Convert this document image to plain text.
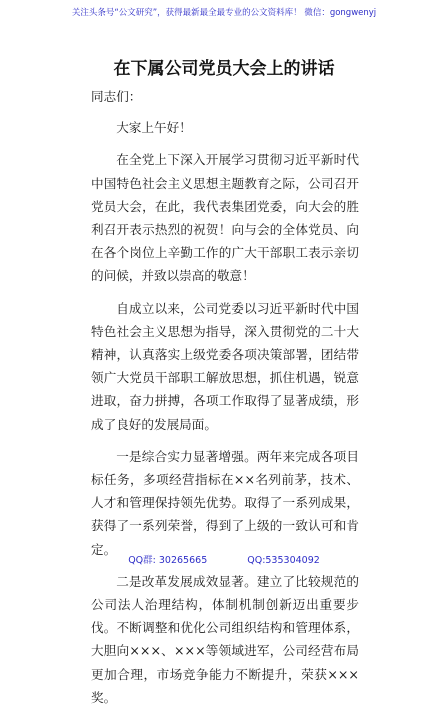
关注头条号“公文研究”，获得最新最全最专业的公文资料库！ 微信：gongwenyj
在下属公司党员大会上的讲话

同志们：

大家上午好！

在全党上下深入开展学习贯彻习近平新时代中国特色社会主义思想主题教育之际，公司召开党员大会，在此，我代表集团党委，向大会的胜利召开表示热烈的祝贺！向与会的全体党员、向在各个岗位上辛勤工作的广大干部职工表示亲切的问候，并致以崇高的敬意！

自成立以来，公司党委以习近平新时代中国特色社会主义思想为指导，深入贯彻党的二十大精神，认真落实上级党委各项决策部署，团结带领广大党员干部职工解放思想，抓住机遇，锐意进取，奋力拼搏，各项工作取得了显著成绩，形成了良好的发展局面。

一是综合实力显著增强。两年来完成各项目标任务，多项经营指标在××名列前茅，技术、人才和管理保持领先优势。取得了一系列成果，获得了一系列荣誉，得到了上级的一致认可和肯定。

二是改革发展成效显著。建立了比较规范的公司法人治理结构，体制机制创新迈出重要步伐。不断调整和优化公司组织结构和管理体系，大胆向×××、×××等领域进军，公司经营布局更加合理，市场竞争能力不断提升，荣获×××奖。

QQ群: 30265665	QQ:535304092
